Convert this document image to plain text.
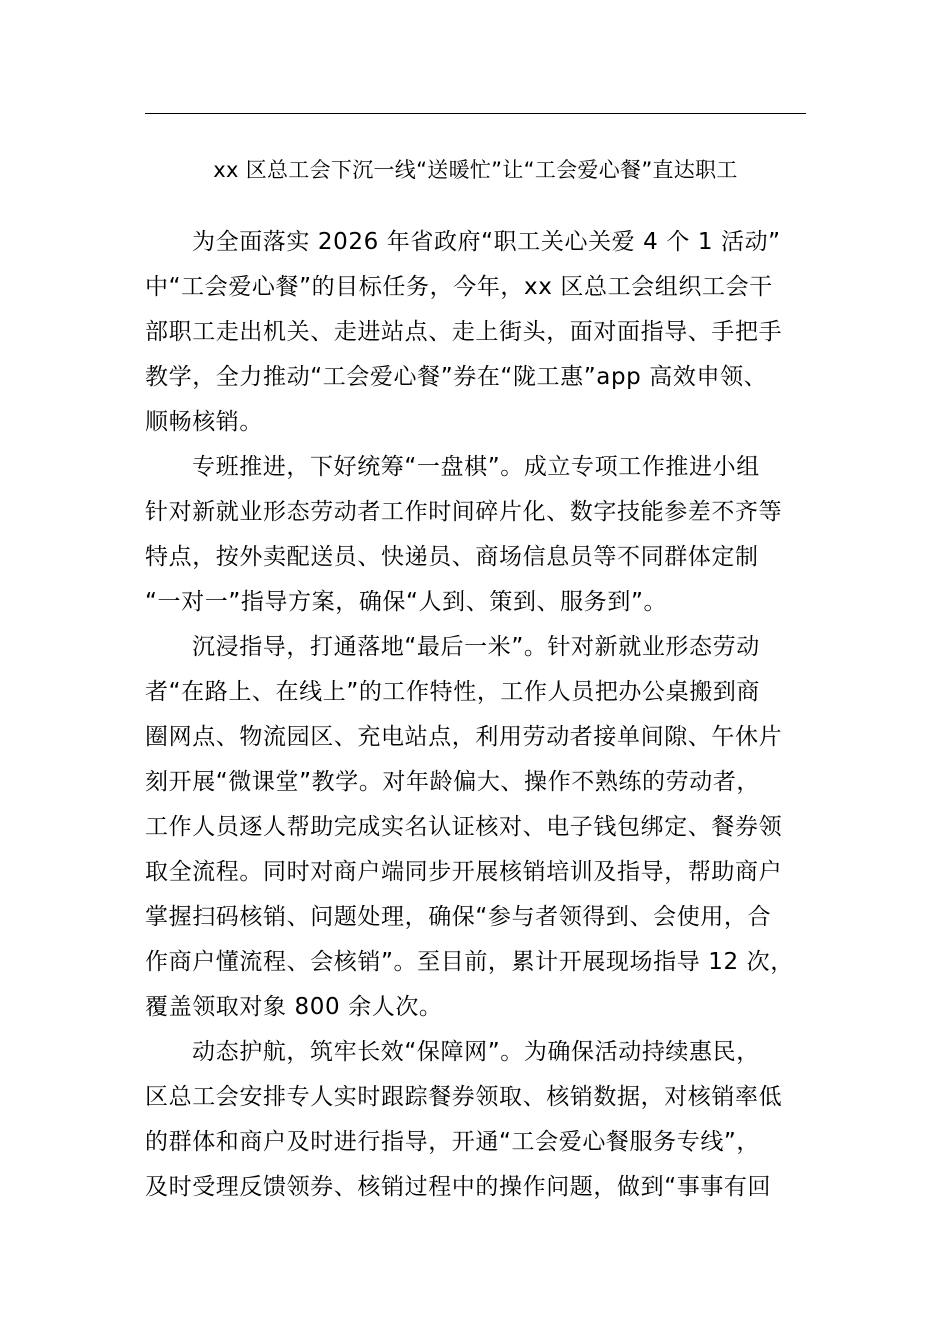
xx 区总工会下沉一线“送暖忙”让“工会爱心餐”直达职工
为全面落实 2026 年省政府“职工关心关爱 4 个 1 活动”
中“工会爱心餐”的目标任务，今年，xx 区总工会组织工会干
部职工走出机关、走进站点、走上街头，面对面指导、手把手
教学，全力推动“工会爱心餐”券在“陇工惠”app 高效申领、
顺畅核销。
专班推进，下好统筹“一盘棋”。成立专项工作推进小组
针对新就业形态劳动者工作时间碎片化、数字技能参差不齐等
特点，按外卖配送员、快递员、商场信息员等不同群体定制
“一对一”指导方案，确保“人到、策到、服务到”。
沉浸指导，打通落地“最后一米”。针对新就业形态劳动
者“在路上、在线上”的工作特性，工作人员把办公桌搬到商
圈网点、物流园区、充电站点，利用劳动者接单间隙、午休片
刻开展“微课堂”教学。对年龄偏大、操作不熟练的劳动者，
工作人员逐人帮助完成实名认证核对、电子钱包绑定、餐券领
取全流程。同时对商户端同步开展核销培训及指导，帮助商户
掌握扫码核销、问题处理，确保“参与者领得到、会使用，合
作商户懂流程、会核销”。至目前，累计开展现场指导 12 次，
覆盖领取对象 800 余人次。
动态护航，筑牢长效“保障网”。为确保活动持续惠民，
区总工会安排专人实时跟踪餐券领取、核销数据，对核销率低
的群体和商户及时进行指导，开通“工会爱心餐服务专线”，
及时受理反馈领券、核销过程中的操作问题，做到“事事有回
